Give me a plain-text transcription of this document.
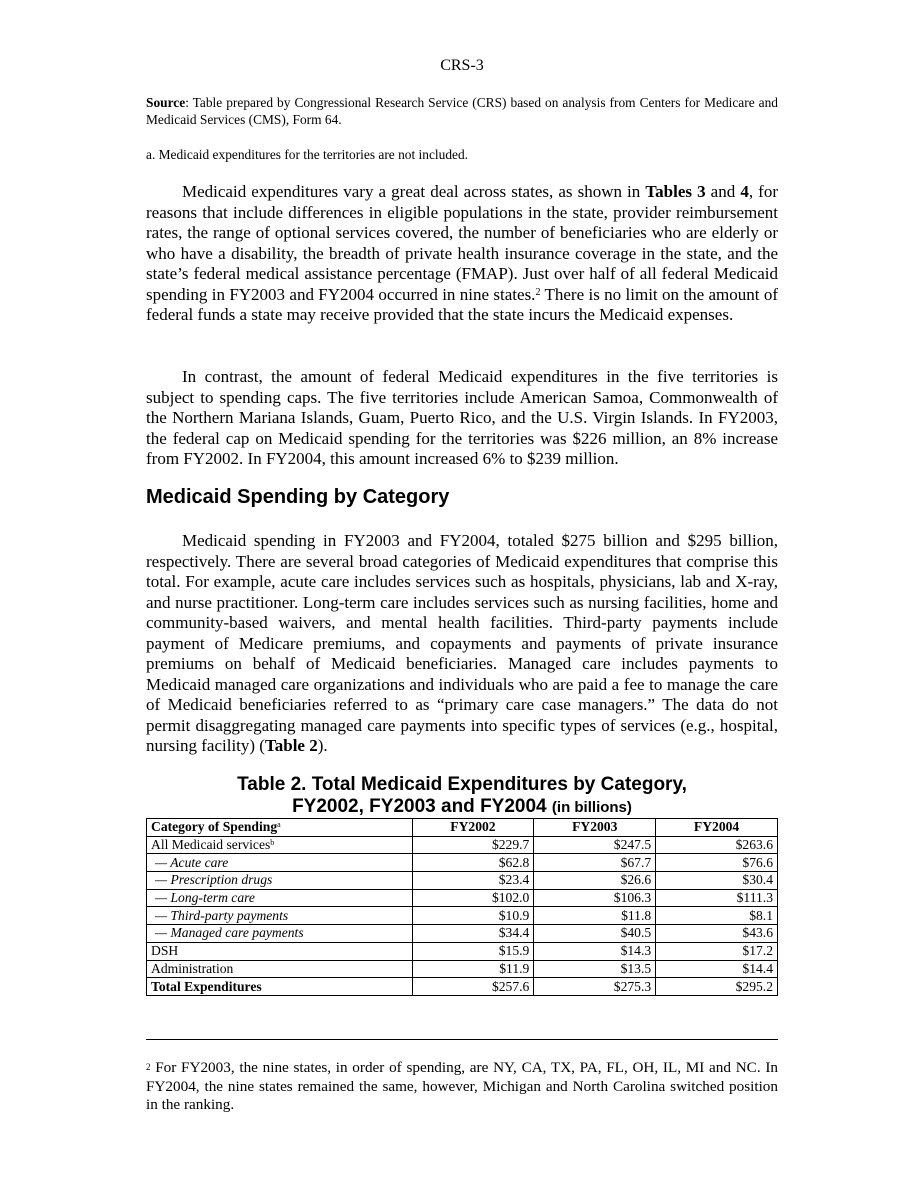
CRS-3
Source: Table prepared by Congressional Research Service (CRS) based on analysis from Centers for Medicare and Medicaid Services (CMS), Form 64.
a. Medicaid expenditures for the territories are not included.
Medicaid expenditures vary a great deal across states, as shown in Tables 3 and 4, for reasons that include differences in eligible populations in the state, provider reimbursement rates, the range of optional services covered, the number of beneficiaries who are elderly or who have a disability, the breadth of private health insurance coverage in the state, and the state’s federal medical assistance percentage (FMAP). Just over half of all federal Medicaid spending in FY2003 and FY2004 occurred in nine states.$^2$ There is no limit on the amount of federal funds a state may receive provided that the state incurs the Medicaid expenses.
In contrast, the amount of federal Medicaid expenditures in the five territories is subject to spending caps. The five territories include American Samoa, Commonwealth of the Northern Mariana Islands, Guam, Puerto Rico, and the U.S. Virgin Islands. In FY2003, the federal cap on Medicaid spending for the territories was $226 million, an 8% increase from FY2002. In FY2004, this amount increased 6% to $239 million.
Medicaid Spending by Category
Medicaid spending in FY2003 and FY2004, totaled $275 billion and $295 billion, respectively. There are several broad categories of Medicaid expenditures that comprise this total. For example, acute care includes services such as hospitals, physicians, lab and X-ray, and nurse practitioner. Long-term care includes services such as nursing facilities, home and community-based waivers, and mental health facilities. Third-party payments include payment of Medicare premiums, and copayments and payments of private insurance premiums on behalf of Medicaid beneficiaries. Managed care includes payments to Medicaid managed care organizations and individuals who are paid a fee to manage the care of Medicaid beneficiaries referred to as “primary care case managers.” The data do not permit disaggregating managed care payments into specific types of services (e.g., hospital, nursing facility) (Table 2).
Table 2. Total Medicaid Expenditures by Category,
FY2002, FY2003 and FY2004 (in billions)
Category of Spending$^a$	FY2002	FY2003	FY2004
All Medicaid services$^b$	$229.7	$247.5	$263.6
— Acute care	$62.8	$67.7	$76.6
— Prescription drugs	$23.4	$26.6	$30.4
— Long-term care	$102.0	$106.3	$111.3
— Third-party payments	$10.9	$11.8	$8.1
— Managed care payments	$34.4	$40.5	$43.6
DSH	$15.9	$14.3	$17.2
Administration	$11.9	$13.5	$14.4
Total Expenditures	$257.6	$275.3	$295.2
$^2$ For FY2003, the nine states, in order of spending, are NY, CA, TX, PA, FL, OH, IL, MI and NC. In FY2004, the nine states remained the same, however, Michigan and North Carolina switched position in the ranking.
